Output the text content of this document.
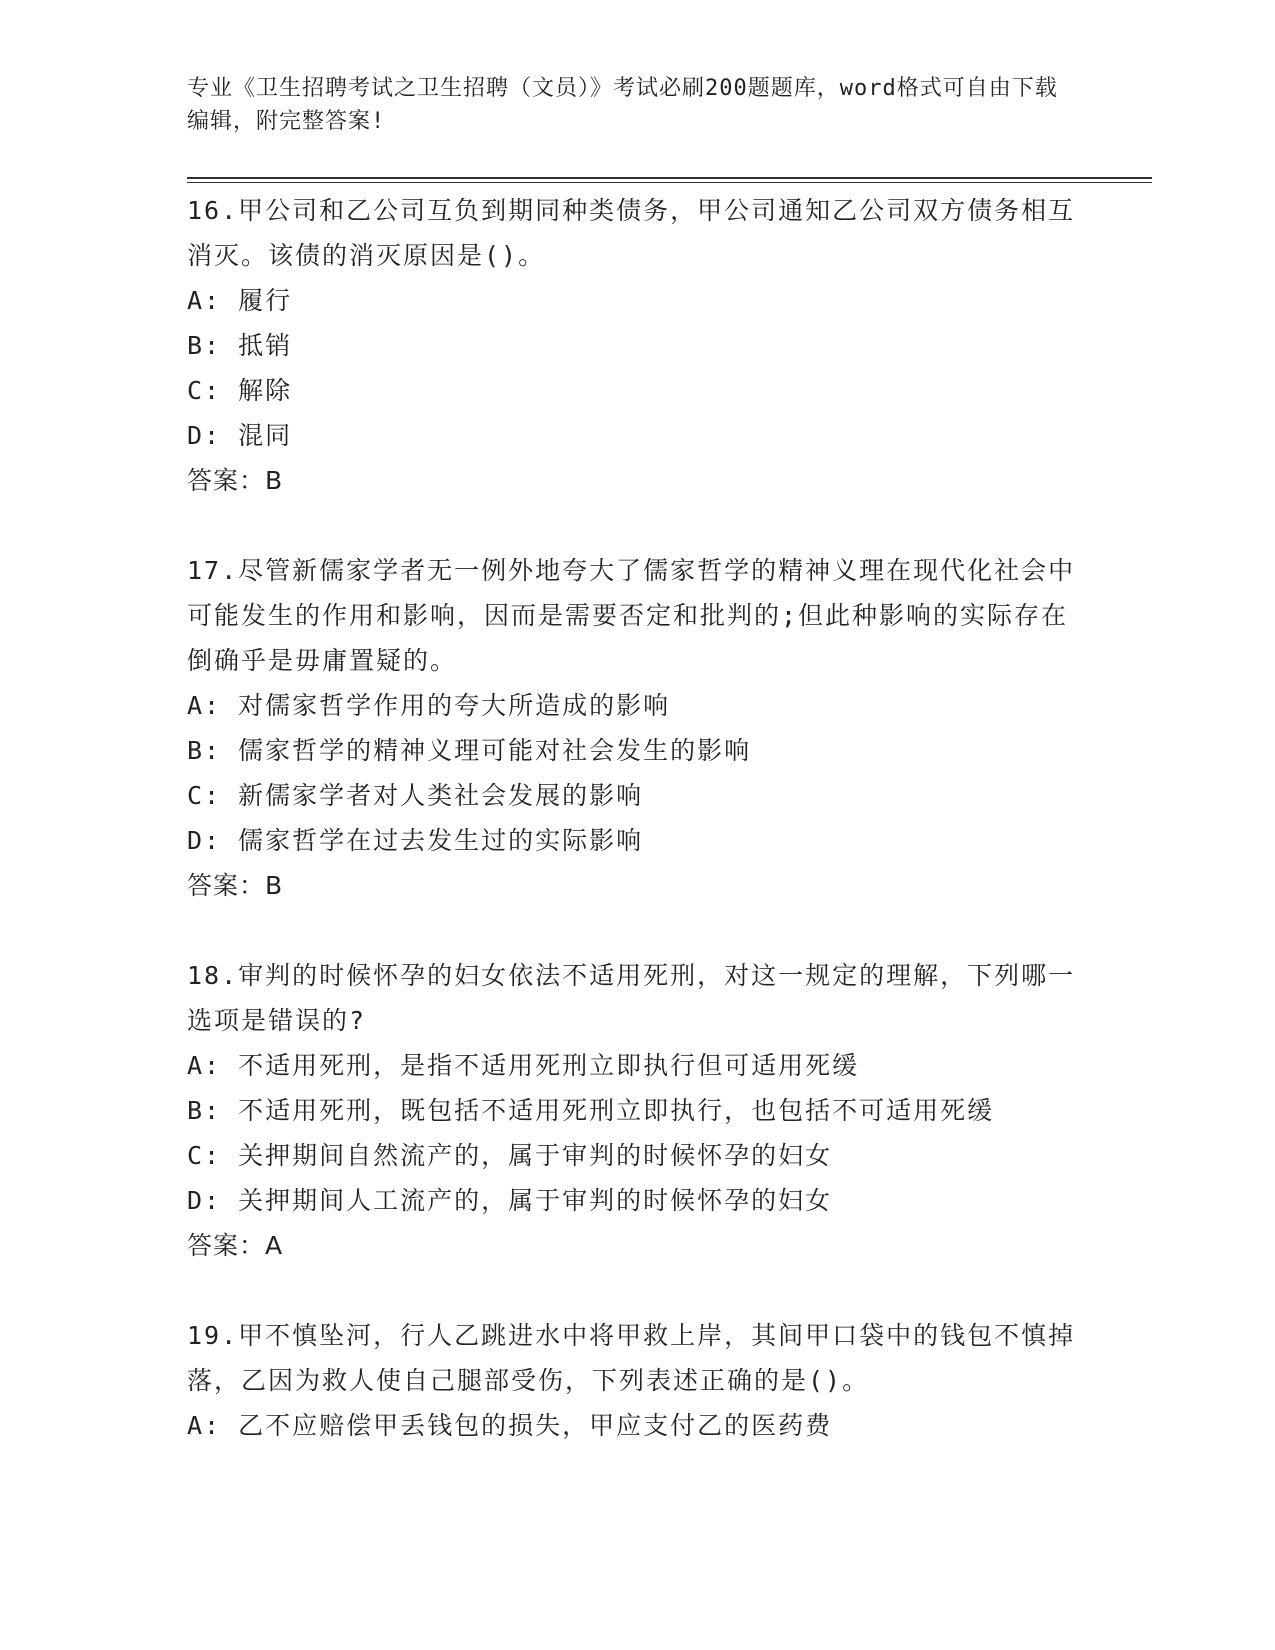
专业《卫生招聘考试之卫生招聘（文员）》考试必刷200题题库，word格式可自由下载编辑，附完整答案!
16.甲公司和乙公司互负到期同种类债务，甲公司通知乙公司双方债务相互消灭。该债的消灭原因是()。
A: 履行
B: 抵销
C: 解除
D: 混同
答案：B
17.尽管新儒家学者无一例外地夸大了儒家哲学的精神义理在现代化社会中可能发生的作用和影响，因而是需要否定和批判的;但此种影响的实际存在倒确乎是毋庸置疑的。
A: 对儒家哲学作用的夸大所造成的影响
B: 儒家哲学的精神义理可能对社会发生的影响
C: 新儒家学者对人类社会发展的影响
D: 儒家哲学在过去发生过的实际影响
答案：B
18.审判的时候怀孕的妇女依法不适用死刑，对这一规定的理解，下列哪一选项是错误的?
A: 不适用死刑，是指不适用死刑立即执行但可适用死缓
B: 不适用死刑，既包括不适用死刑立即执行，也包括不可适用死缓
C: 关押期间自然流产的，属于审判的时候怀孕的妇女
D: 关押期间人工流产的，属于审判的时候怀孕的妇女
答案：A
19.甲不慎坠河，行人乙跳进水中将甲救上岸，其间甲口袋中的钱包不慎掉落，乙因为救人使自己腿部受伤，下列表述正确的是()。
A: 乙不应赔偿甲丢钱包的损失，甲应支付乙的医药费
